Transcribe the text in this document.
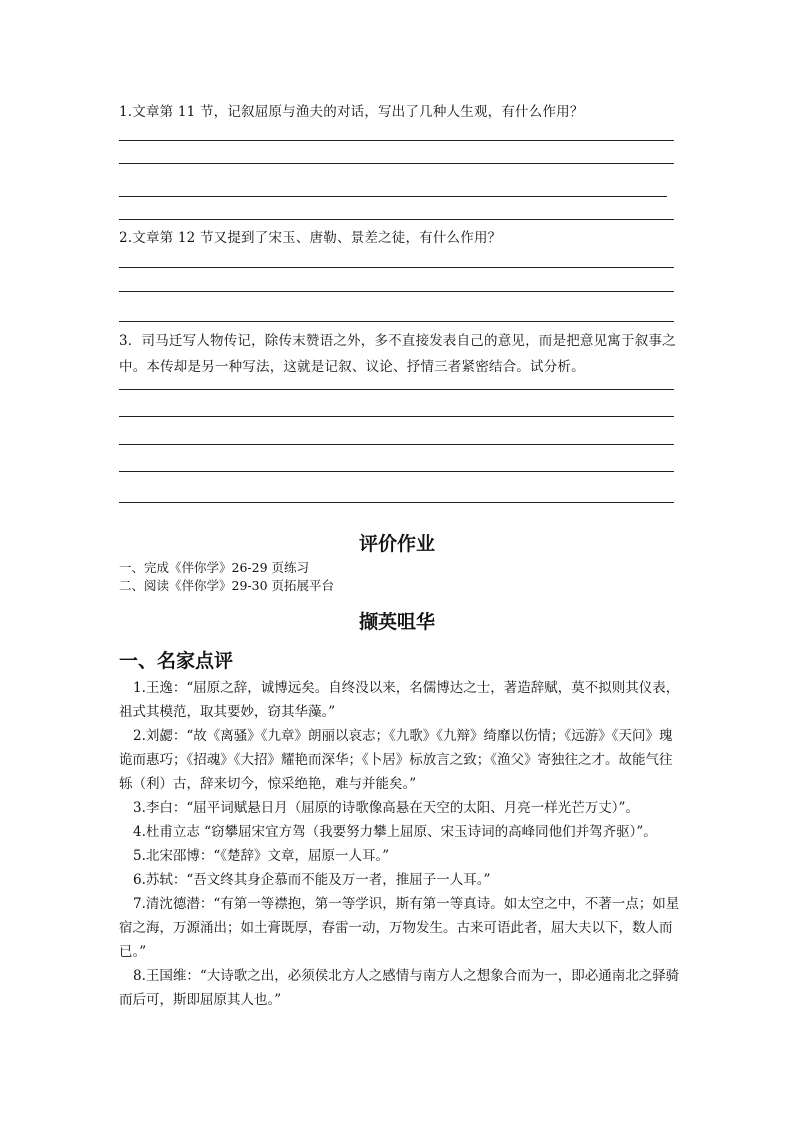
1.文章第 11 节，记叙屈原与渔夫的对话，写出了几种人生观，有什么作用？
2.文章第 12 节又提到了宋玉、唐勒、景差之徒，有什么作用？
3．司马迁写人物传记，除传末赞语之外，多不直接发表自己的意见，而是把意见寓于叙事之中。本传却是另一种写法，这就是记叙、议论、抒情三者紧密结合。试分析。
评价作业
一、完成《伴你学》26-29 页练习
二、阅读《伴你学》29-30 页拓展平台
撷英咀华
一、名家点评

1.王逸：“屈原之辞，诚博远矣。自终没以来，名儒博达之士，著造辞赋，莫不拟则其仪表，祖式其模范，取其要妙，窃其华藻。”

2.刘勰：“故《离骚》《九章》朗丽以哀志；《九歌》《九辩》绮靡以伤情；《远游》《天问》瑰诡而惠巧；《招魂》《大招》耀艳而深华；《卜居》标放言之致；《渔父》寄独往之才。故能气往轹（利）古，辞来切今，惊采绝艳，难与并能矣。”

3.李白：“屈平词赋悬日月（屈原的诗歌像高悬在天空的太阳、月亮一样光芒万丈）”。

4.杜甫立志 “窃攀屈宋宜方驾（我要努力攀上屈原、宋玉诗词的高峰同他们并驾齐驱）”。

5.北宋邵博：“《楚辞》文章，屈原一人耳。”

6.苏轼：“吾文终其身企慕而不能及万一者，推屈子一人耳。”

7.清沈德潜：“有第一等襟抱，第一等学识，斯有第一等真诗。如太空之中，不著一点；如星宿之海，万源涌出；如土膏既厚，春雷一动，万物发生。古来可语此者，屈大夫以下，数人而已。”

8.王国维：“大诗歌之出，必须侯北方人之感情与南方人之想象合而为一，即必通南北之驿骑而后可，斯即屈原其人也。”
